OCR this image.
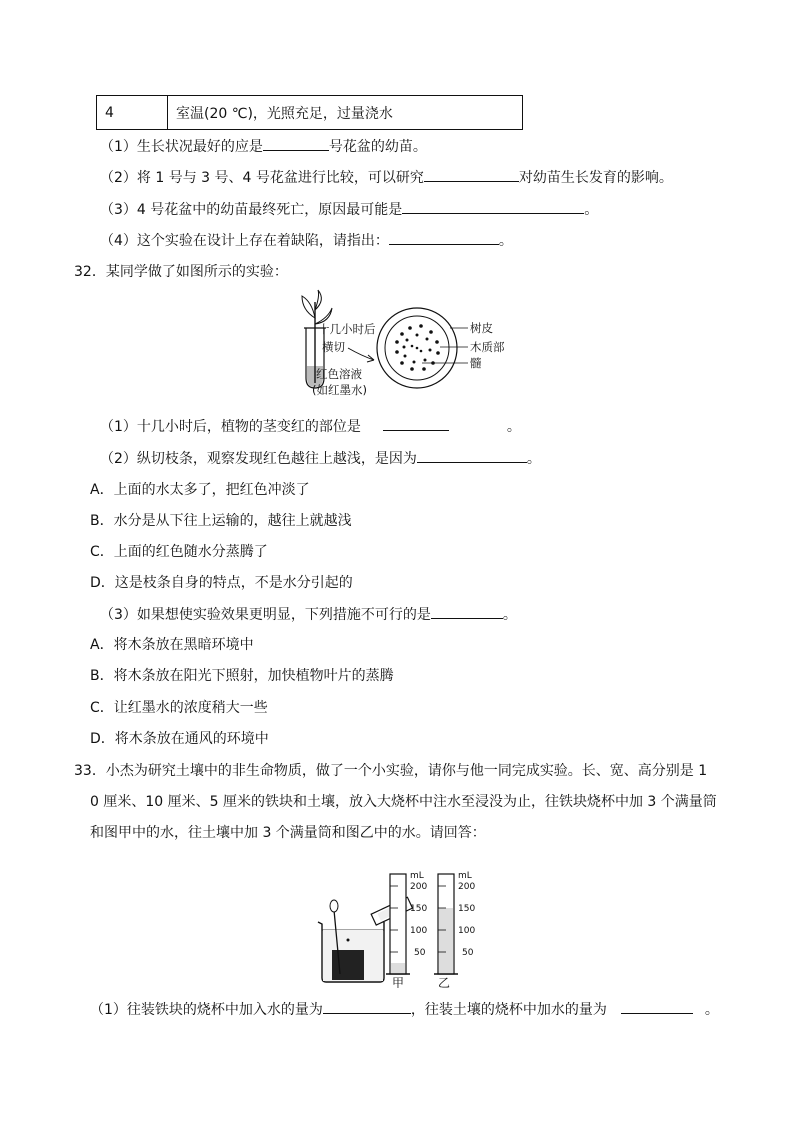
4	室温(20 ℃)，光照充足，过量浇水
（1）生长状况最好的应是	号花盆的幼苗。
（2）将 1 号与 3 号、4 号花盆进行比较，可以研究	对幼苗生长发育的影响。
（3）4 号花盆中的幼苗最终死亡，原因最可能是	。
（4）这个实验在设计上存在着缺陷，请指出：	。
32．某同学做了如图所示的实验：
十几小时后
横切
红色溶液
(如红墨水)
树皮
木质部
髓
（1）十几小时后，植物的茎变红的部位是	。
（2）纵切枝条，观察发现红色越往上越浅，是因为	。
A．上面的水太多了，把红色冲淡了
B．水分是从下往上运输的，越往上就越浅
C．上面的红色随水分蒸腾了
D．这是枝条自身的特点，不是水分引起的
（3）如果想使实验效果更明显，下列措施不可行的是	。
A．将木条放在黑暗环境中
B．将木条放在阳光下照射，加快植物叶片的蒸腾
C．让红墨水的浓度稍大一些
D．将木条放在通风的环境中
33．小杰为研究土壤中的非生命物质，做了一个小实验，请你与他一同完成实验。长、宽、高分别是 1
0 厘米、10 厘米、5 厘米的铁块和土壤，放入大烧杯中注水至浸没为止，往铁块烧杯中加 3 个满量筒
和图甲中的水，往土壤中加 3 个满量筒和图乙中的水。请回答：
mL
200
150
100
50
甲
mL
200
150
100
50
乙
（1）往装铁块的烧杯中加入水的量为	，往装土壤的烧杯中加水的量为	。
